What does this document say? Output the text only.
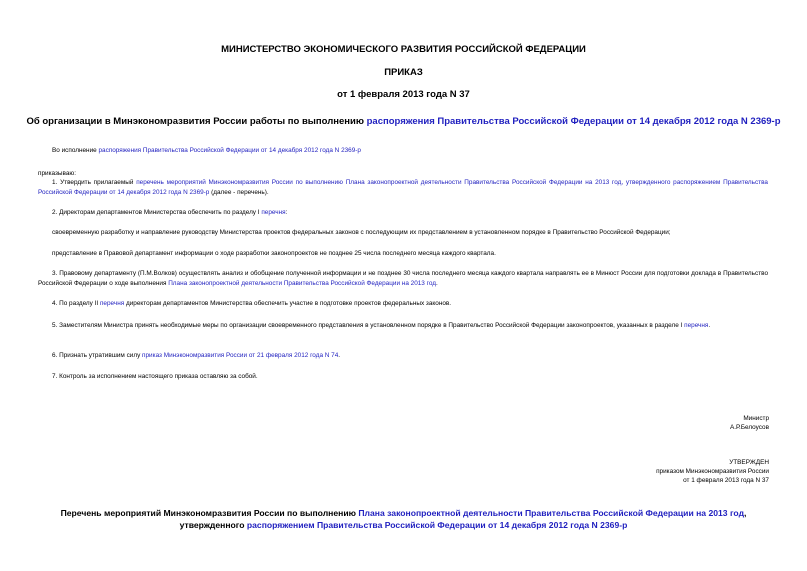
МИНИСТЕРСТВО ЭКОНОМИЧЕСКОГО РАЗВИТИЯ РОССИЙСКОЙ ФЕДЕРАЦИИ
ПРИКАЗ
от 1 февраля 2013 года N 37
Об организации в Минэкономразвития России работы по выполнению распоряжения Правительства Российской Федерации от 14 декабря 2012 года N 2369-р
Во исполнение распоряжения Правительства Российской Федерации от 14 декабря 2012 года N 2369-р
приказываю:
1. Утвердить прилагаемый перечень мероприятий Минэкономразвития России по выполнению Плана законопроектной деятельности Правительства Российской Федерации на 2013 год, утвержденного распоряжением Правительства Российской Федерации от 14 декабря 2012 года N 2369-р (далее - перечень).
2. Директорам департаментов Министерства обеспечить по разделу I перечня:
своевременную разработку и направление руководству Министерства проектов федеральных законов с последующим их представлением в установленном порядке в Правительство Российской Федерации;
представление в Правовой департамент информации о ходе разработки законопроектов не позднее 25 числа последнего месяца каждого квартала.
3. Правовому департаменту (П.М.Волков) осуществлять анализ и обобщение полученной информации и не позднее 30 числа последнего месяца каждого квартала направлять ее в Минюст России для подготовки доклада в Правительство Российской Федерации о ходе выполнения Плана законопроектной деятельности Правительства Российской Федерации на 2013 год.
4. По разделу II перечня директорам департаментов Министерства обеспечить участие в подготовке проектов федеральных законов.
5. Заместителям Министра принять необходимые меры по организации своевременного представления в установленном порядке в Правительство Российской Федерации законопроектов, указанных в разделе I перечня.
6. Признать утратившим силу приказ Минэкономразвития России от 21 февраля 2012 года N 74.
7. Контроль за исполнением настоящего приказа оставляю за собой.
Министр
А.Р.Белоусов
УТВЕРЖДЕН
приказом Минэкономразвития России
от 1 февраля 2013 года N 37
Перечень мероприятий Минэкономразвития России по выполнению Плана законопроектной деятельности Правительства Российской Федерации на 2013 год, утвержденного распоряжением Правительства Российской Федерации от 14 декабря 2012 года N 2369-р
